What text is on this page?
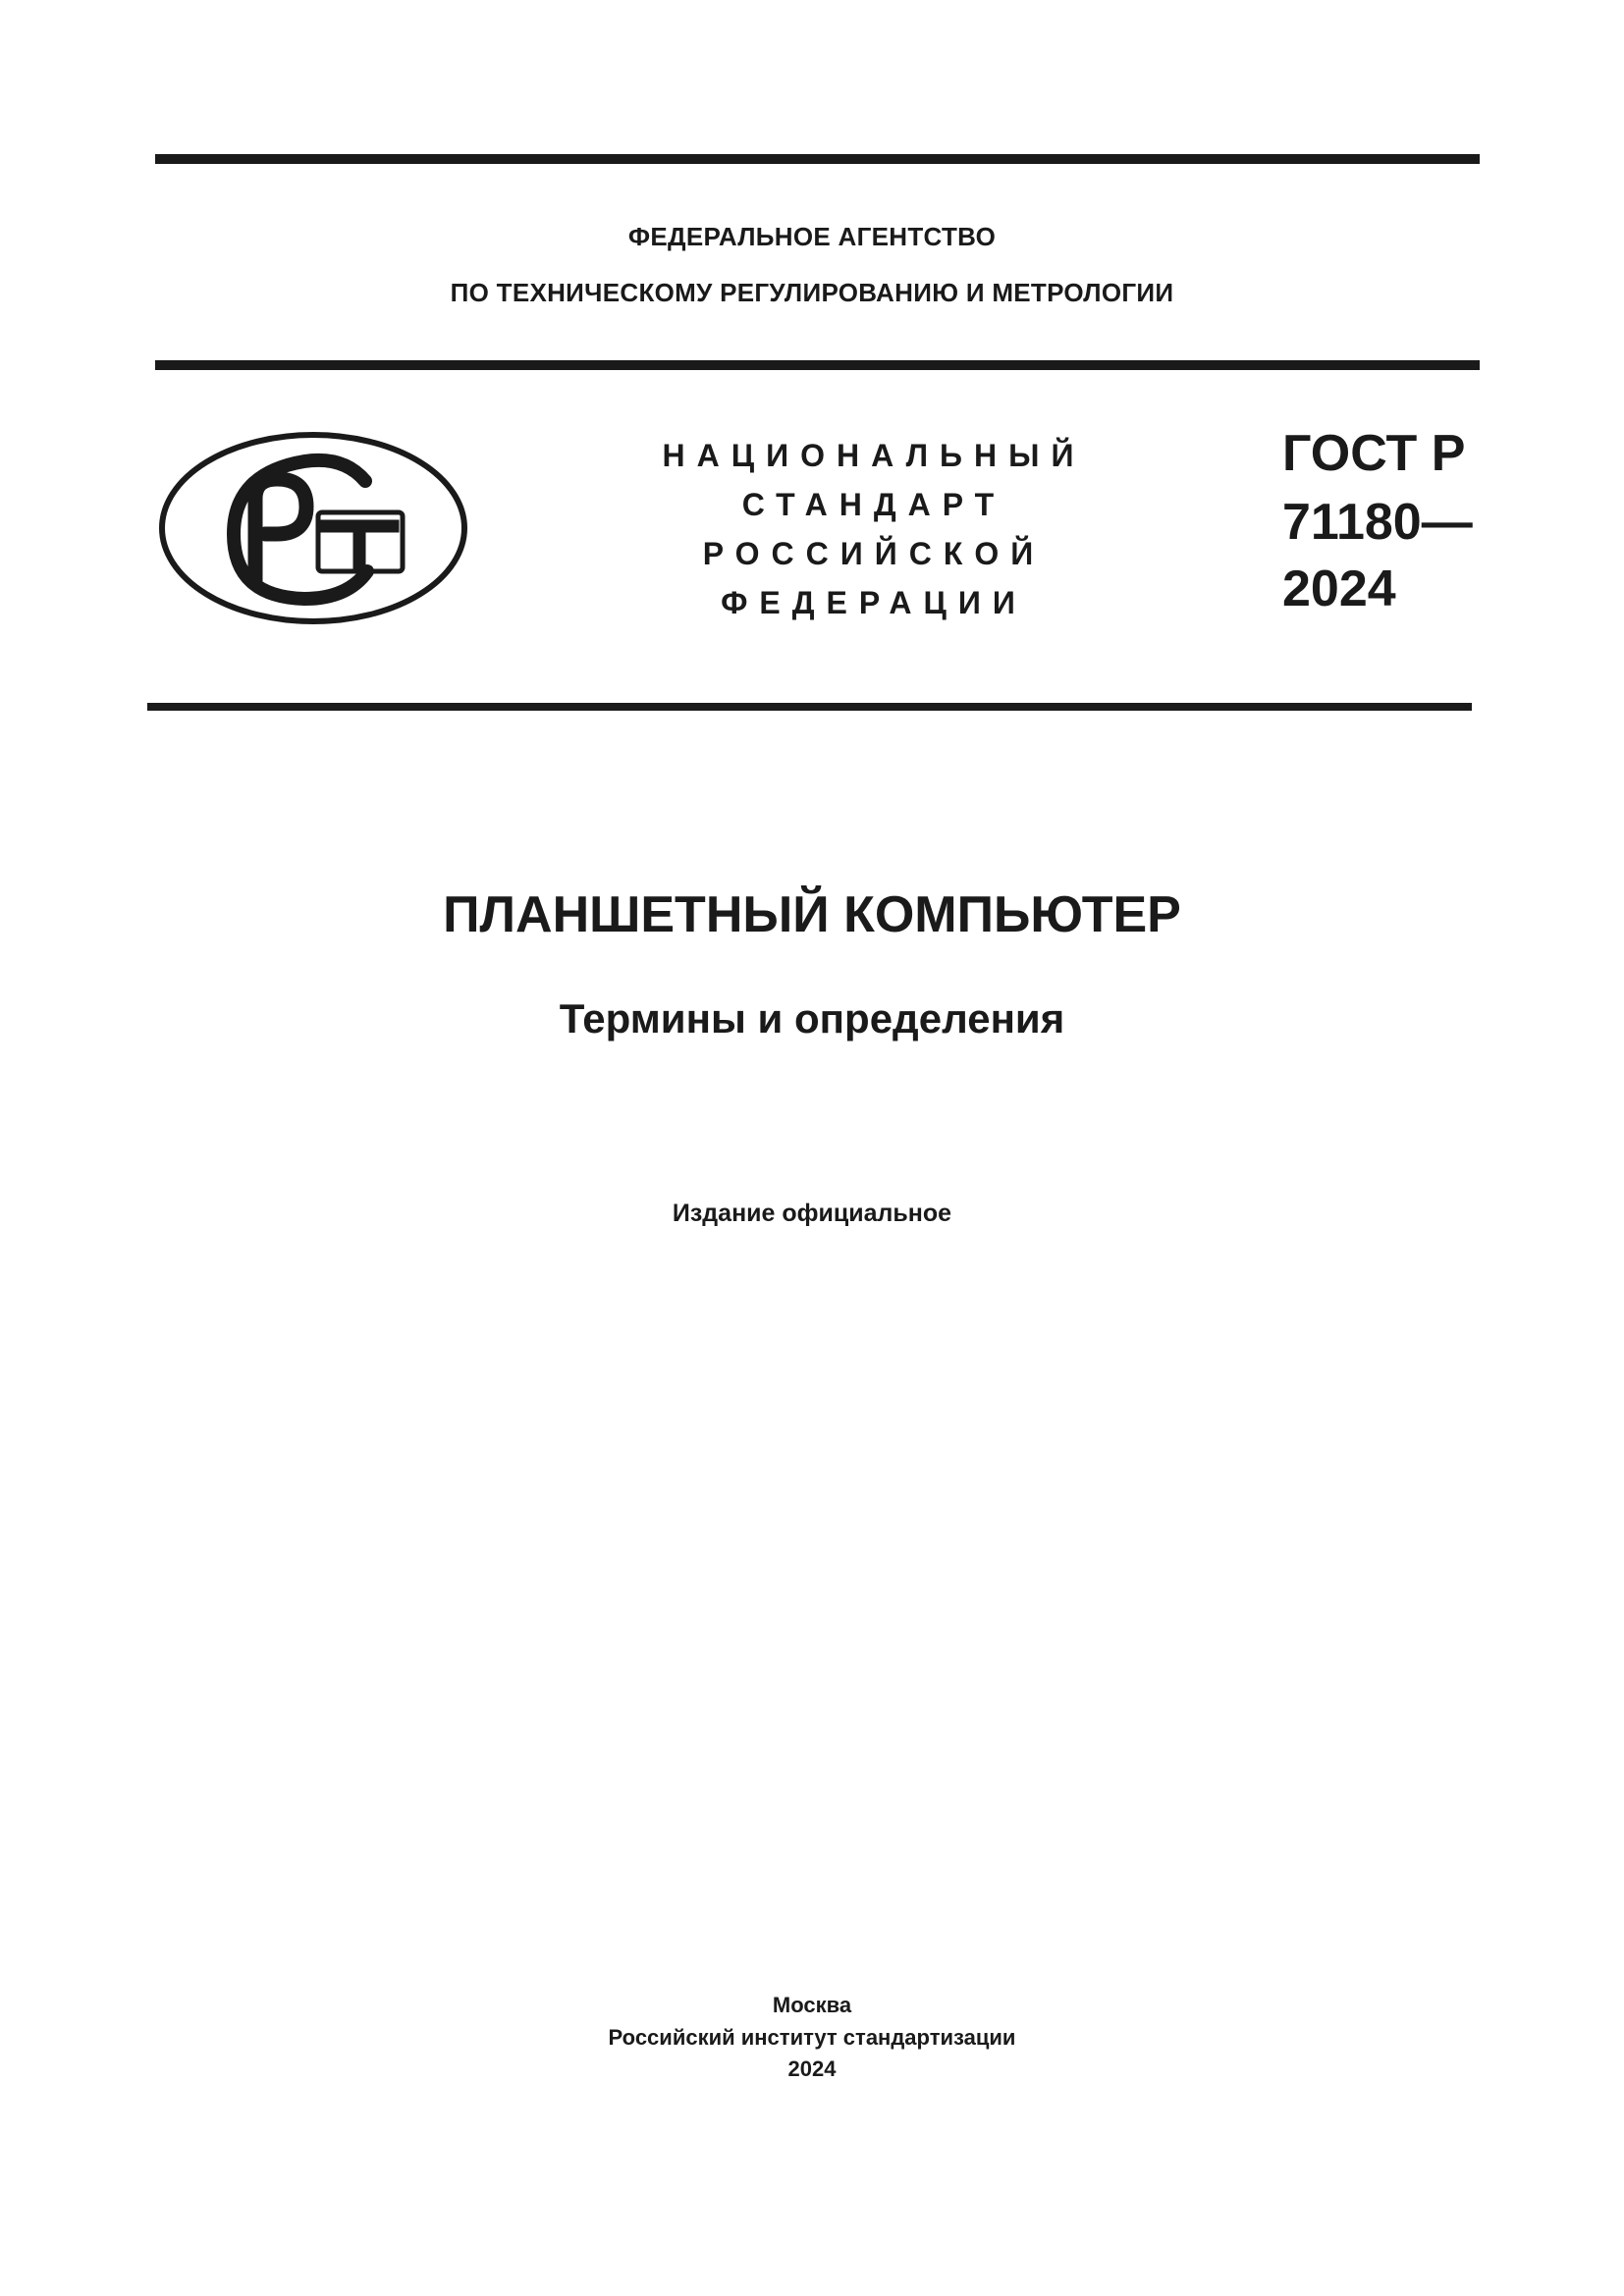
ФЕДЕРАЛЬНОЕ АГЕНТСТВО
ПО ТЕХНИЧЕСКОМУ РЕГУЛИРОВАНИЮ И МЕТРОЛОГИИ
НАЦИОНАЛЬНЫЙ
СТАНДАРТ
РОССИЙСКОЙ
ФЕДЕРАЦИИ
ГОСТ Р
71180—
2024
ПЛАНШЕТНЫЙ КОМПЬЮТЕР
Термины и определения
Издание официальное
Москва
Российский институт стандартизации
2024
